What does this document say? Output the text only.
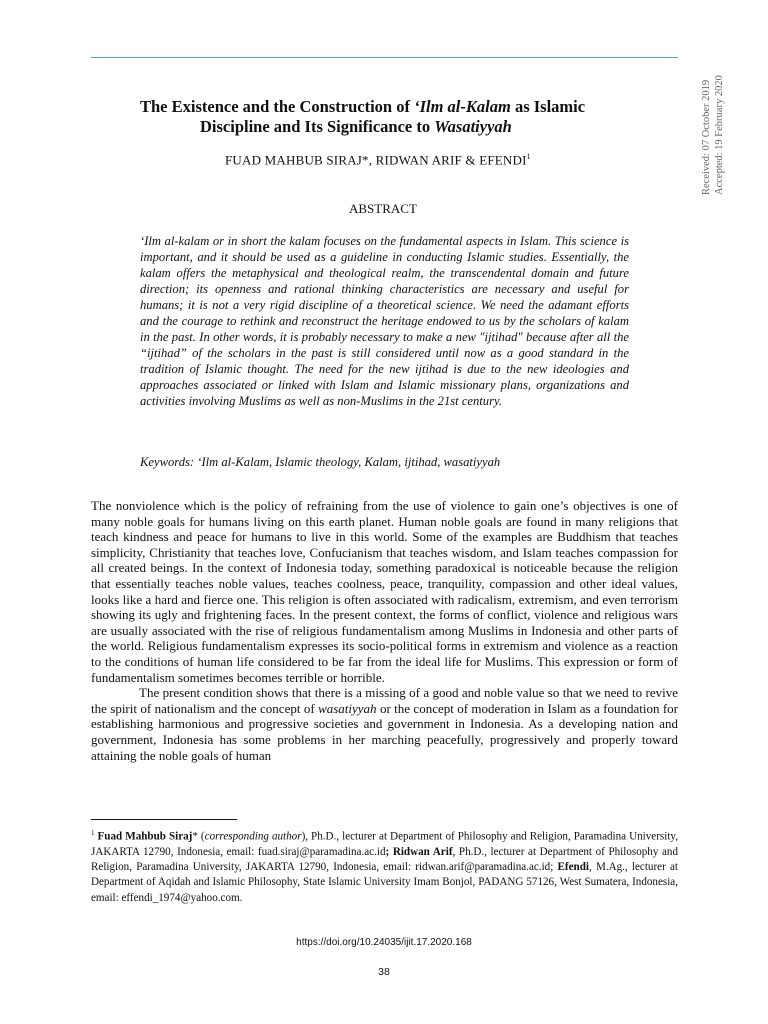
Received: 07 October 2019 Accepted: 19 February 2020
The Existence and the Construction of ‘Ilm al-Kalam as Islamic
Discipline and Its Significance to Wasatiyyah
FUAD MAHBUB SIRAJ*, RIDWAN ARIF & EFENDI$^1$
ABSTRACT

‘Ilm al-kalam or in short the kalam focuses on the fundamental aspects in Islam. This science is important, and it should be used as a guideline in conducting Islamic studies. Essentially, the kalam offers the metaphysical and theological realm, the transcendental domain and future direction; its openness and rational thinking characteristics are necessary and useful for humans; it is not a very rigid discipline of a theoretical science. We need the adamant efforts and the courage to rethink and reconstruct the heritage endowed to us by the scholars of kalam in the past. In other words, it is probably necessary to make a new "ijtihad" because after all the “ijtihad” of the scholars in the past is still considered until now as a good standard in the tradition of Islamic thought. The need for the new ijtihad is due to the new ideologies and approaches associated or linked with Islam and Islamic missionary plans, organizations and activities involving Muslims as well as non-Muslims in the 21st century.

Keywords: ‘Ilm al-Kalam, Islamic theology, Kalam, ijtihad, wasatiyyah

The nonviolence which is the policy of refraining from the use of violence to gain one’s objectives is one of many noble goals for humans living on this earth planet. Human noble goals are found in many religions that teach kindness and peace for humans to live in this world. Some of the examples are Buddhism that teaches simplicity, Christianity that teaches love, Confucianism that teaches wisdom, and Islam teaches compassion for all created beings. In the context of Indonesia today, something paradoxical is noticeable because the religion that essentially teaches noble values, teaches coolness, peace, tranquility, compassion and other ideal values, looks like a hard and fierce one. This religion is often associated with radicalism, extremism, and even terrorism showing its ugly and frightening faces. In the present context, the forms of conflict, violence and religious wars are usually associated with the rise of religious fundamentalism among Muslims in Indonesia and other parts of the world. Religious fundamentalism expresses its socio-political forms in extremism and violence as a reaction to the conditions of human life considered to be far from the ideal life for Muslims. This expression or form of fundamentalism sometimes becomes terrible or horrible.

The present condition shows that there is a missing of a good and noble value so that we need to revive the spirit of nationalism and the concept of wasatiyyah or the concept of moderation in Islam as a foundation for establishing harmonious and progressive societies and government in Indonesia. As a developing nation and government, Indonesia has some problems in her marching peacefully, progressively and properly toward attaining the noble goals of human

$^1$ Fuad Mahbub Siraj* (corresponding author), Ph.D., lecturer at Department of Philosophy and Religion, Paramadina University, JAKARTA 12790, Indonesia, email: fuad.siraj@paramadina.ac.id; Ridwan Arif, Ph.D., lecturer at Department of Philosophy and Religion, Paramadina University, JAKARTA 12790, Indonesia, email: ridwan.arif@paramadina.ac.id; Efendi, M.Ag., lecturer at Department of Aqidah and Islamic Philosophy, State Islamic University Imam Bonjol, PADANG 57126, West Sumatera, Indonesia, email: effendi_1974@yahoo.com.

https://doi.org/10.24035/ijit.17.2020.168
38
